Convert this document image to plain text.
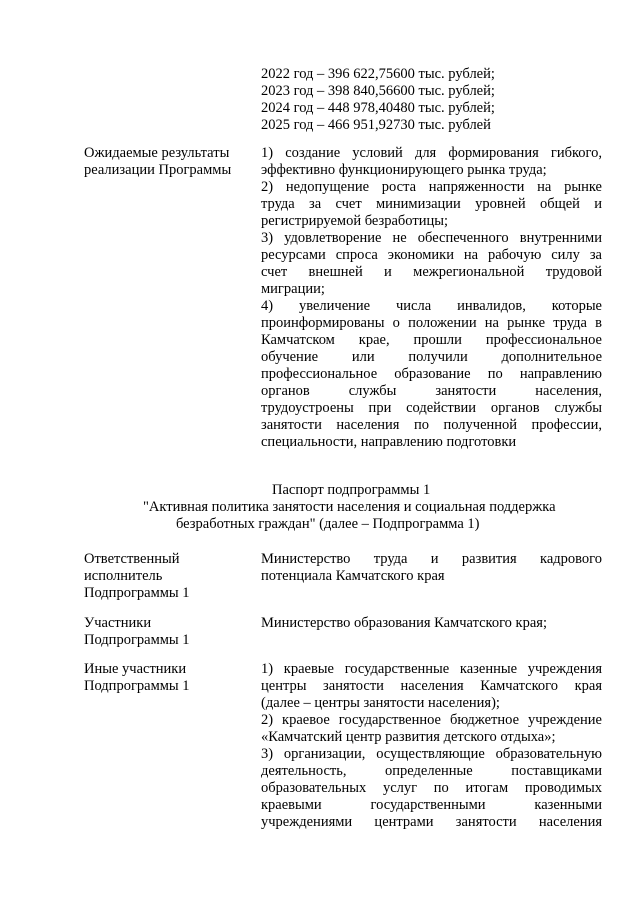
2022 год – 396 622,75600 тыс. рублей;
2023 год – 398 840,56600 тыс. рублей;
2024 год – 448 978,40480 тыс. рублей;
2025 год – 466 951,92730 тыс. рублей
Ожидаемые результаты
реализации Программы
1) создание условий для формирования гибкого,
эффективно функционирующего рынка труда;
2) недопущение роста напряженности на рынке
труда за счет минимизации уровней общей и
регистрируемой безработицы;
3) удовлетворение не обеспеченного внутренними
ресурсами спроса экономики на рабочую силу за
счет внешней и межрегиональной трудовой
миграции;
4) увеличение числа инвалидов, которые
проинформированы о положении на рынке труда в
Камчатском крае, прошли профессиональное
обучение или получили дополнительное
профессиональное образование по направлению
органов службы занятости населения,
трудоустроены при содействии органов службы
занятости населения по полученной профессии,
специальности, направлению подготовки
Паспорт подпрограммы 1
"Активная политика занятости населения и социальная поддержка
безработных граждан" (далее – Подпрограмма 1)
Ответственный
исполнитель
Подпрограммы 1
Министерство труда и развития кадрового
потенциала Камчатского края
Участники
Подпрограммы 1
Министерство образования Камчатского края;
Иные участники
Подпрограммы 1
1) краевые государственные казенные учреждения
центры занятости населения Камчатского края
(далее – центры занятости населения);
2) краевое государственное бюджетное учреждение
«Камчатский центр развития детского отдыха»;
3) организации, осуществляющие образовательную
деятельность, определенные поставщиками
образовательных услуг по итогам проводимых
краевыми государственными казенными
учреждениями центрами занятости населения
